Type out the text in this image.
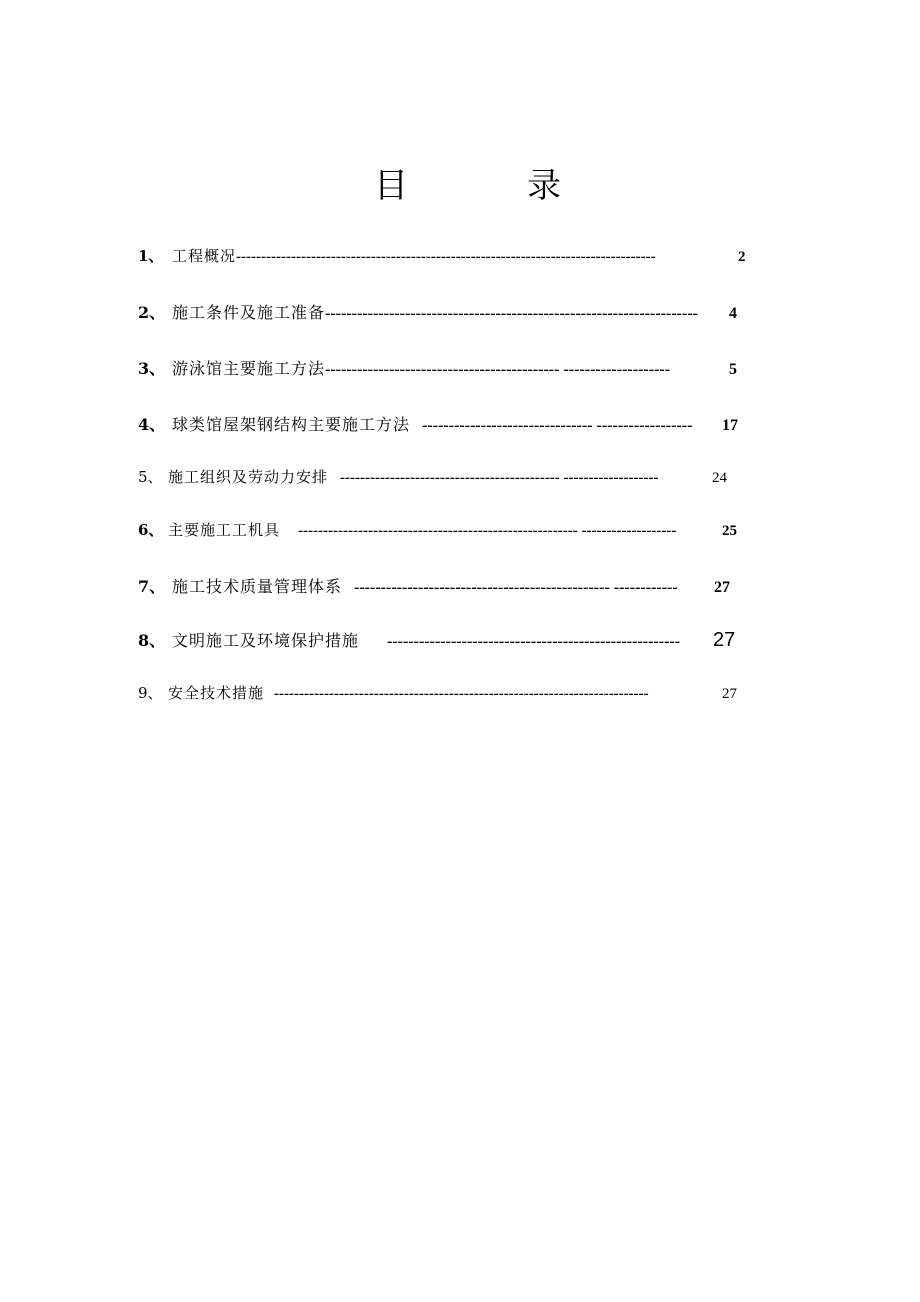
目	录
1、 工程概况 ------------------------------------------------------------------------------------	2
2、 施工条件及施工准备 ----------------------------------------------------------------------	4
3、 游泳馆主要施工方法 -------------------------------------------- --------------------	5
4、 球类馆屋架钢结构主要施工方法 -------------------------------- ------------------	17
5、 施工组织及劳动力安排 -------------------------------------------- -------------------	24
6、 主要施工工机具 -------------------------------------------------------- -------------------	25
7、 施工技术质量管理体系 ------------------------------------------------ ------------	27
8、 文明施工及环境保护措施 -------------------------------------------------------	27
9、 安全技术措施 ---------------------------------------------------------------------------	27
